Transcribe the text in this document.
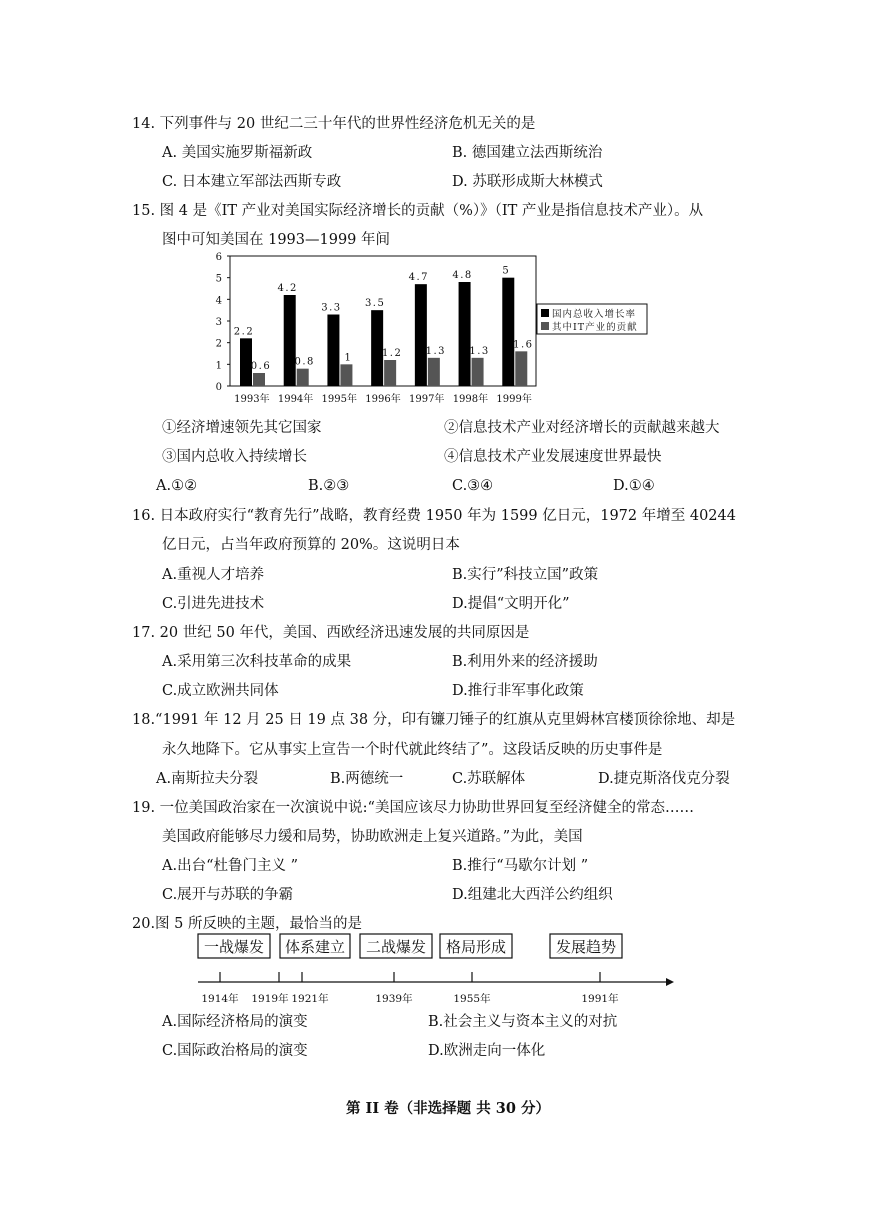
14. 下列事件与 20 世纪二三十年代的世界性经济危机无关的是
A. 美国实施罗斯福新政	B. 德国建立法西斯统治
C. 日本建立军部法西斯专政	D. 苏联形成斯大林模式
15. 图 4 是《IT 产业对美国实际经济增长的贡献（%）》（IT 产业是指信息技术产业）。从
图中可知美国在 1993—1999 年间
0
1
2
3
4
5
6
1993年 1994年 1995年 1996年 1997年 1998年 1999年
2.2
0.6
4.2
0.8
3.3
1
3.5
1.2
4.7
1.3
4.8
1.3
5
1.6
国内总收入增长率
其中IT产业的贡献
①经济增速领先其它国家	②信息技术产业对经济增长的贡献越来越大
③国内总收入持续增长	④信息技术产业发展速度世界最快
A.①②	B.②③	C.③④	D.①④
16. 日本政府实行“教育先行”战略，教育经费 1950 年为 1599 亿日元，1972 年增至 40244
亿日元，占当年政府预算的 20%。这说明日本
A.重视人才培养	B.实行”科技立国”政策
C.引进先进技术	D.提倡“文明开化”
17. 20 世纪 50 年代，美国、西欧经济迅速发展的共同原因是
A.采用第三次科技革命的成果	B.利用外来的经济援助
C.成立欧洲共同体	D.推行非军事化政策
18.“1991 年 12 月 25 日 19 点 38 分，印有镰刀锤子的红旗从克里姆林宫楼顶徐徐地、却是
永久地降下。它从事实上宣告一个时代就此终结了”。这段话反映的历史事件是
A.南斯拉夫分裂	B.两德统一	C.苏联解体	D.捷克斯洛伐克分裂
19. 一位美国政治家在一次演说中说:“美国应该尽力协助世界回复至经济健全的常态……
美国政府能够尽力缓和局势，协助欧洲走上复兴道路。”为此，美国
A.出台“杜鲁门主义 ”	B.推行“马歇尔计划 ”
C.展开与苏联的争霸	D.组建北大西洋公约组织
20.图 5 所反映的主题，最恰当的是
一战爆发 体系建立 二战爆发 格局形成	发展趋势
1914年 1919年 1921年	1939年	1955年	1991年
A.国际经济格局的演变	B.社会主义与资本主义的对抗
C.国际政治格局的演变	D.欧洲走向一体化
第 II 卷（非选择题 共 30 分）
